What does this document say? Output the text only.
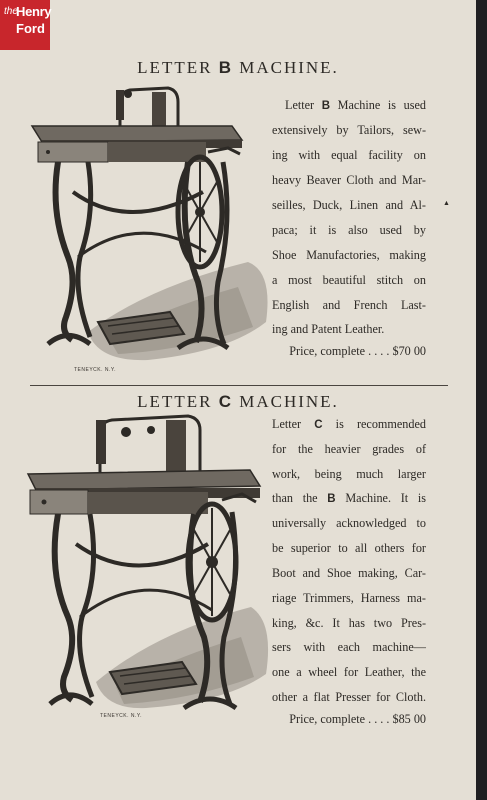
the
Henry
Ford
LETTER B MACHINE.
TENEYCK. N.Y.
Letter B Machine is used
extensively by Tailors, sew-
ing with equal facility on
heavy Beaver Cloth and Mar-
seilles, Duck, Linen and Al-
paca; it is also used by
Shoe Manufactories, making
a most beautiful stitch on
English and French Last-
ing and Patent Leather.
Price, complete . . . . $70 00
▲
LETTER C MACHINE.
TENEYCK. N.Y.
Letter C is recommended
for the heavier grades of
work, being much larger
than the B Machine. It is
universally acknowledged to
be superior to all others for
Boot and Shoe making, Car-
riage Trimmers, Harness ma-
king, &c. It has two Pres-
sers with each machine—
one a wheel for Leather, the
other a flat Presser for Cloth.
Price, complete . . . . $85 00
